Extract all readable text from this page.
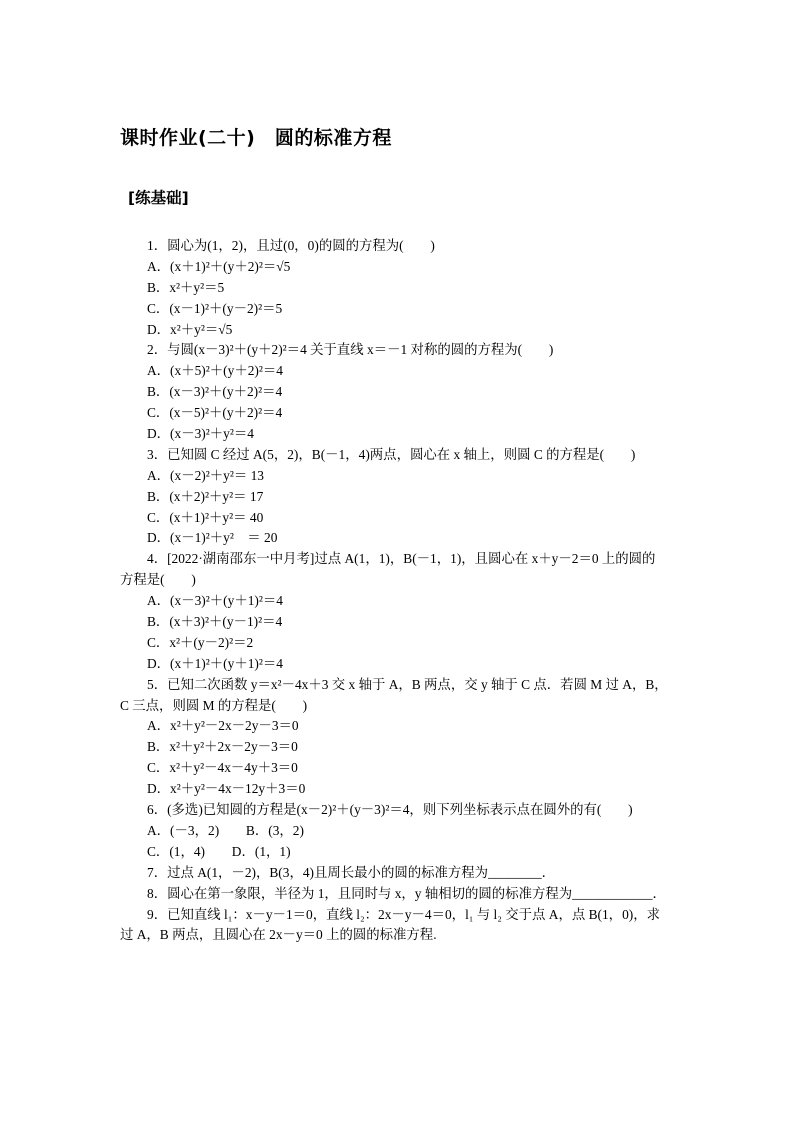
课时作业(二十)　圆的标准方程
[练基础]
1．圆心为(1，2)，且过(0，0)的圆的方程为(　　)
A．(x＋1)²＋(y＋2)²＝√5
B．x²＋y²＝5
C．(x－1)²＋(y－2)²＝5
D．x²＋y²＝√5
2．与圆(x－3)²＋(y＋2)²＝4 关于直线 x＝－1 对称的圆的方程为(　　)
A．(x＋5)²＋(y＋2)²＝4
B．(x－3)²＋(y＋2)²＝4
C．(x－5)²＋(y＋2)²＝4
D．(x－3)²＋y²＝4
3．已知圆 C 经过 A(5，2)，B(－1，4)两点，圆心在 x 轴上，则圆 C 的方程是(　　)
A．(x－2)²＋y²＝ 13
B．(x＋2)²＋y²＝ 17
C．(x＋1)²＋y²＝ 40
D．(x－1)²＋y²　＝ 20
4．[2022·湖南邵东一中月考]过点 A(1，1)，B(－1，1)，且圆心在 x＋y－2＝0 上的圆的
方程是(　　)
A．(x－3)²＋(y＋1)²＝4
B．(x＋3)²＋(y－1)²＝4
C．x²＋(y－2)²＝2
D．(x＋1)²＋(y＋1)²＝4
5．已知二次函数 y＝x²－4x＋3 交 x 轴于 A，B 两点，交 y 轴于 C 点．若圆 M 过 A，B，
C 三点，则圆 M 的方程是(　　)
A．x²＋y²－2x－2y－3＝0
B．x²＋y²＋2x－2y－3＝0
C．x²＋y²－4x－4y＋3＝0
D．x²＋y²－4x－12y＋3＝0
6．(多选)已知圆的方程是(x－2)²＋(y－3)²＝4，则下列坐标表示点在圆外的有(　　)
A．(－3，2)　　B．(3，2)
C．(1，4)　　D．(1，1)
7．过点 A(1，－2)，B(3，4)且周长最小的圆的标准方程为________．
8．圆心在第一象限，半径为 1，且同时与 x，y 轴相切的圆的标准方程为____________．
9．已知直线 l₁：x－y－1＝0，直线 l₂：2x－y－4＝0，l₁ 与 l₂ 交于点 A，点 B(1，0)，求
过 A，B 两点，且圆心在 2x－y＝0 上的圆的标准方程.
